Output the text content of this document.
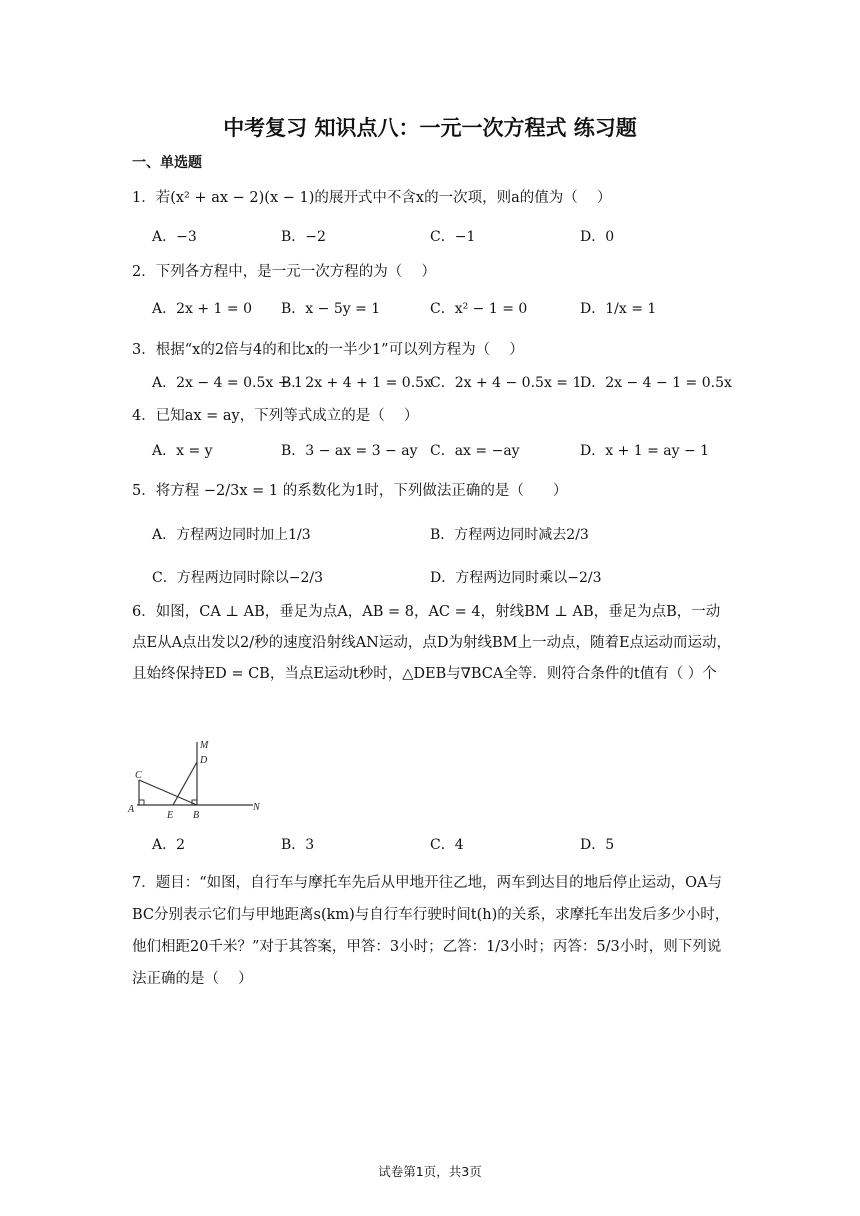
中考复习 知识点八：一元一次方程式 练习题
一、单选题
1．若(x² + ax − 2)(x − 1)的展开式中不含x的一次项，则a的值为（　 ）
A．−3	B．−2	C．−1	D．0
2．下列各方程中，是一元一次方程的为（　 ）
A．2x + 1 = 0 B．x − 5y = 1	C．x² − 1 = 0	D．1/x = 1
3．根据“x的2倍与4的和比x的一半少1”可以列方程为（　 ）
A．2x − 4 = 0.5x − 1
B．2x + 4 + 1 = 0.5x
C．2x + 4 − 0.5x = 1
D．2x − 4 − 1 = 0.5x
4．已知ax = ay，下列等式成立的是（　 ）
A．x = y	B．3 − ax = 3 − ay C．ax = −ay	D．x + 1 = ay − 1
5．将方程 −2/3x = 1 的系数化为1时，下列做法正确的是（　　）
A．方程两边同时加上1/3	B．方程两边同时减去2/3
C．方程两边同时除以−2/3	D．方程两边同时乘以−2/3
6．如图，CA ⊥ AB，垂足为点A，AB = 8，AC = 4，射线BM ⊥ AB，垂足为点B，一动点E从A点出发以2/秒的速度沿射线AN运动，点D为射线BM上一动点，随着E点运动而运动，且始终保持ED = CB，当点E运动t秒时，△DEB与∇BCA全等．则符合条件的t值有（ ）个
M
D
C
A
E B
N
A．2	B．3	C．4	D．5
7．题目：“如图，自行车与摩托车先后从甲地开往乙地，两车到达目的地后停止运动，OA与BC分别表示它们与甲地距离s(km)与自行车行驶时间t(h)的关系，求摩托车出发后多少小时，他们相距20千米？”对于其答案，甲答：3小时；乙答：1/3小时；丙答：5/3小时，则下列说法正确的是（　 ）
试卷第1页，共3页
